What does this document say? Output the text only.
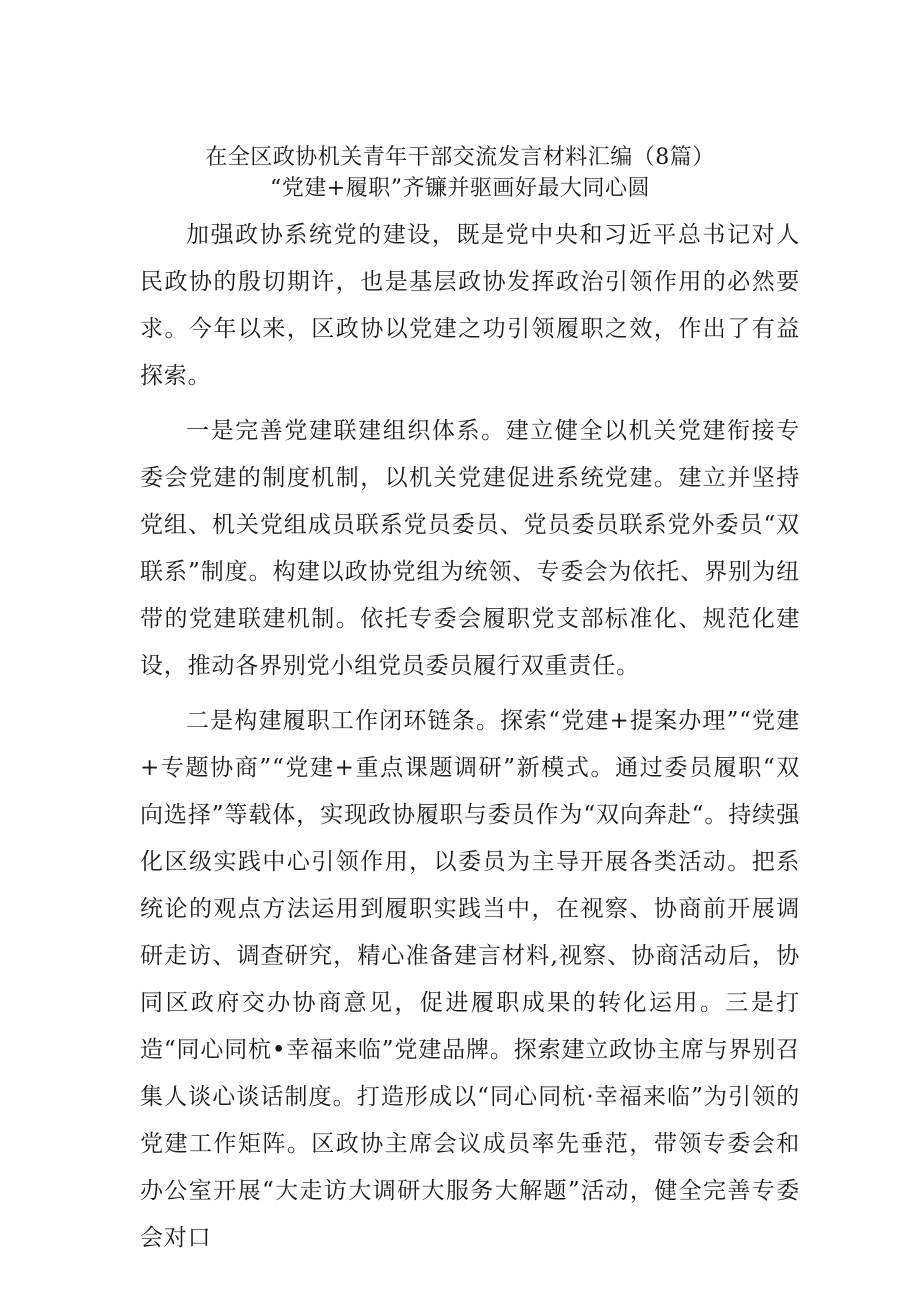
在全区政协机关青年干部交流发言材料汇编（8篇）
“党建+履职”齐镰并驱画好最大同心圆

加强政协系统党的建设，既是党中央和习近平总书记对人民政协的殷切期许，也是基层政协发挥政治引领作用的必然要求。今年以来，区政协以党建之功引领履职之效，作出了有益探索。

一是完善党建联建组织体系。建立健全以机关党建衔接专委会党建的制度机制，以机关党建促进系统党建。建立并坚持党组、机关党组成员联系党员委员、党员委员联系党外委员“双联系”制度。构建以政协党组为统领、专委会为依托、界别为纽带的党建联建机制。依托专委会履职党支部标准化、规范化建设，推动各界别党小组党员委员履行双重责任。

二是构建履职工作闭环链条。探索“党建+提案办理”“党建+专题协商”“党建+重点课题调研”新模式。通过委员履职“双向选择”等载体，实现政协履职与委员作为“双向奔赴“。持续强化区级实践中心引领作用，以委员为主导开展各类活动。把系统论的观点方法运用到履职实践当中，在视察、协商前开展调研走访、调查研究，精心准备建言材料,视察、协商活动后，协同区政府交办协商意见，促进履职成果的转化运用。三是打造“同心同杭•幸福来临”党建品牌。探索建立政协主席与界别召集人谈心谈话制度。打造形成以“同心同杭·幸福来临”为引领的党建工作矩阵。区政协主席会议成员率先垂范，带领专委会和办公室开展“大走访大调研大服务大解题”活动，健全完善专委会对口
